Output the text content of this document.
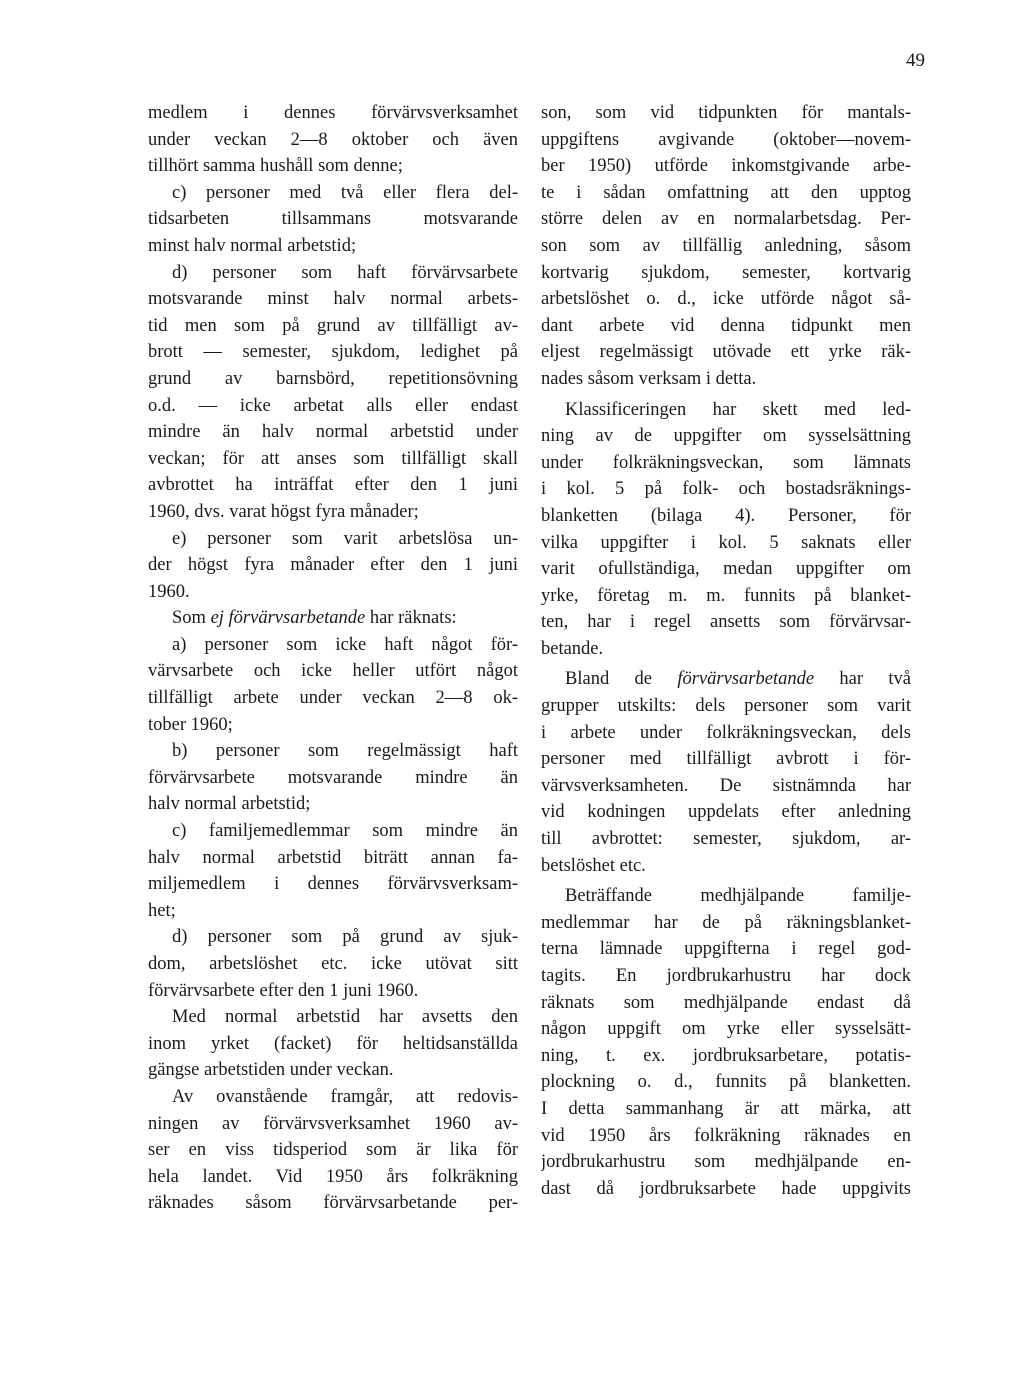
49
medlem i dennes förvärvsverksamhet
under veckan 2—8 oktober och även
tillhört samma hushåll som denne;
c) personer med två eller flera del-
tidsarbeten tillsammans motsvarande
minst halv normal arbetstid;
d) personer som haft förvärvsarbete
motsvarande minst halv normal arbets-
tid men som på grund av tillfälligt av-
brott — semester, sjukdom, ledighet på
grund av barnsbörd, repetitionsövning
o.d. — icke arbetat alls eller endast
mindre än halv normal arbetstid under
veckan; för att anses som tillfälligt skall
avbrottet ha inträffat efter den 1 juni
1960, dvs. varat högst fyra månader;
e) personer som varit arbetslösa un-
der högst fyra månader efter den 1 juni
1960.
Som ej förvärvsarbetande har räknats:
a) personer som icke haft något för-
värvsarbete och icke heller utfört något
tillfälligt arbete under veckan 2—8 ok-
tober 1960;
b) personer som regelmässigt haft
förvärvsarbete motsvarande mindre än
halv normal arbetstid;
c) familjemedlemmar som mindre än
halv normal arbetstid biträtt annan fa-
miljemedlem i dennes förvärvsverksam-
het;
d) personer som på grund av sjuk-
dom, arbetslöshet etc. icke utövat sitt
förvärvsarbete efter den 1 juni 1960.
Med normal arbetstid har avsetts den
inom yrket (facket) för heltidsanställda
gängse arbetstiden under veckan.
Av ovanstående framgår, att redovis-
ningen av förvärvsverksamhet 1960 av-
ser en viss tidsperiod som är lika för
hela landet. Vid 1950 års folkräkning
räknades såsom förvärvsarbetande per-
son, som vid tidpunkten för mantals-
uppgiftens avgivande (oktober—novem-
ber 1950) utförde inkomstgivande arbe-
te i sådan omfattning att den upptog
större delen av en normalarbetsdag. Per-
son som av tillfällig anledning, såsom
kortvarig sjukdom, semester, kortvarig
arbetslöshet o. d., icke utförde något så-
dant arbete vid denna tidpunkt men
eljest regelmässigt utövade ett yrke räk-
nades såsom verksam i detta.
Klassificeringen har skett med led-
ning av de uppgifter om sysselsättning
under folkräkningsveckan, som lämnats
i kol. 5 på folk- och bostadsräknings-
blanketten (bilaga 4). Personer, för
vilka uppgifter i kol. 5 saknats eller
varit ofullständiga, medan uppgifter om
yrke, företag m. m. funnits på blanket-
ten, har i regel ansetts som förvärvsar-
betande.
Bland de förvärvsarbetande har två
grupper utskilts: dels personer som varit
i arbete under folkräkningsveckan, dels
personer med tillfälligt avbrott i för-
värvsverksamheten. De sistnämnda har
vid kodningen uppdelats efter anledning
till avbrottet: semester, sjukdom, ar-
betslöshet etc.
Beträffande medhjälpande familje-
medlemmar har de på räkningsblanket-
terna lämnade uppgifterna i regel god-
tagits. En jordbrukarhustru har dock
räknats som medhjälpande endast då
någon uppgift om yrke eller sysselsätt-
ning, t. ex. jordbruksarbetare, potatis-
plockning o. d., funnits på blanketten.
I detta sammanhang är att märka, att
vid 1950 års folkräkning räknades en
jordbrukarhustru som medhjälpande en-
dast då jordbruksarbete hade uppgivits
